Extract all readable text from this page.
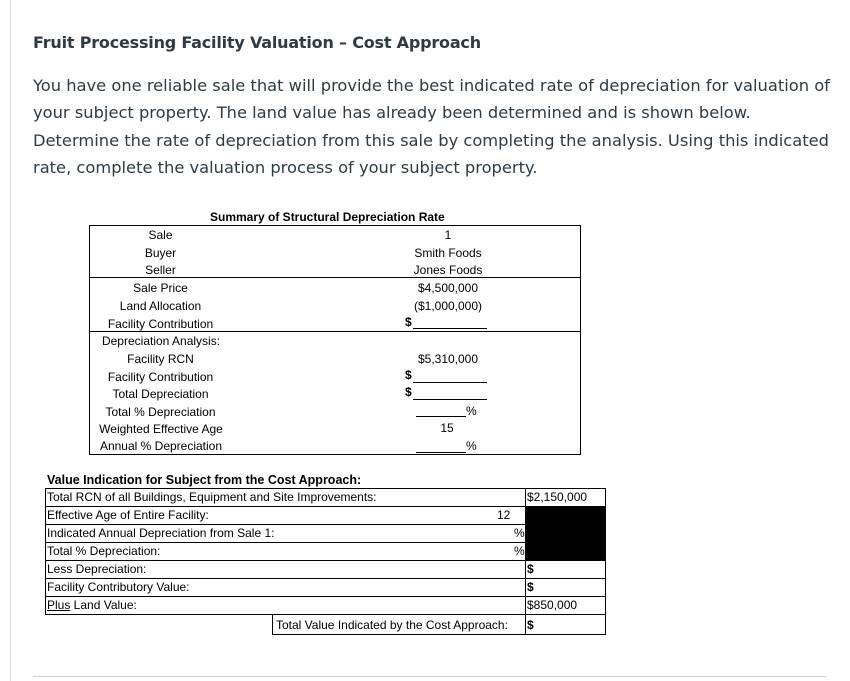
Fruit Processing Facility Valuation – Cost Approach

You have one reliable sale that will provide the best indicated rate of depreciation for valuation of your subject property. The land value has already been determined and is shown below. Determine the rate of depreciation from this sale by completing the analysis. Using this indicated rate, complete the valuation process of your subject property.

Summary of Structural Depreciation Rate
Sale
Buyer
Seller
Sale Price
Land Allocation
Facility Contribution
Depreciation Analysis:
Facility RCN
Facility Contribution
Total Depreciation
Total % Depreciation
Weighted Effective Age
Annual % Depreciation
1
Smith Foods
Jones Foods
$4,500,000
($1,000,000)
$
$5,310,000
$
$
%
15
%
Value Indication for Subject from the Cost Approach:
Total RCN of all Buildings, Equipment and Site Improvements:
Effective Age of Entire Facility:
Indicated Annual Depreciation from Sale 1:
Total % Depreciation:
Less Depreciation:
Facility Contributory Value:
Plus Land Value:
$2,150,000
12
%
%
$
$
$850,000
Total Value Indicated by the Cost Approach: $
